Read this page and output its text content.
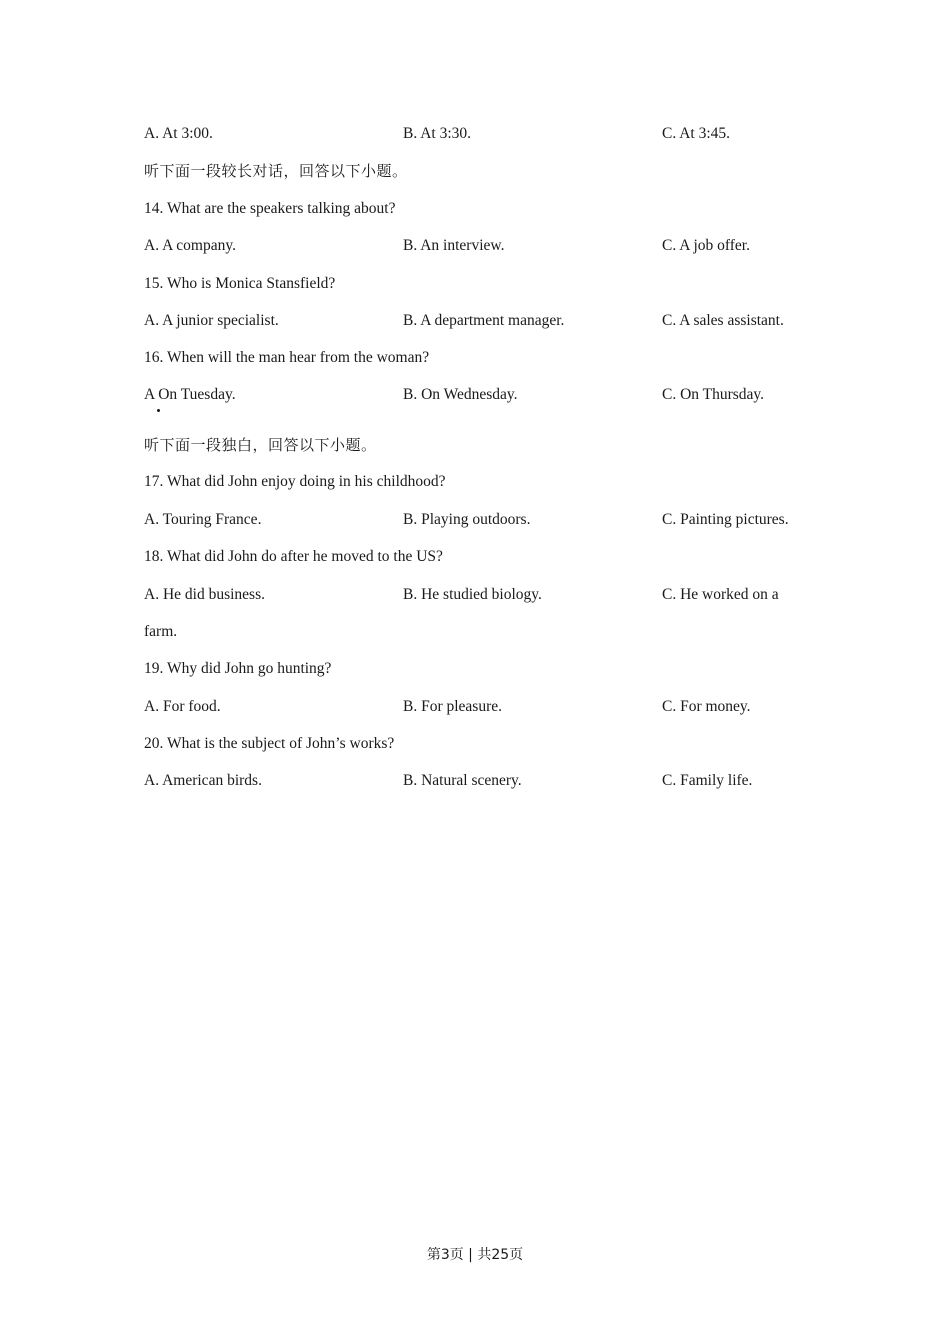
A. At 3:00.	B. At 3:30.	C. At 3:45.
听下面一段较长对话，回答以下小题。
14. What are the speakers talking about?
A. A company.	B. An interview.	C. A job offer.
15. Who is Monica Stansfield?
A. A junior specialist.	B. A department manager.	C. A sales assistant.
16. When will the man hear from the woman?
A On Tuesday.	B. On Wednesday.	C. On Thursday.
听下面一段独白，回答以下小题。
17. What did John enjoy doing in his childhood?
A. Touring France.	B. Playing outdoors.	C. Painting pictures.
18. What did John do after he moved to the US?
A. He did business.	B. He studied biology.	C. He worked on a
farm.
19. Why did John go hunting?
A. For food.	B. For pleasure.	C. For money.
20. What is the subject of John’s works?
A. American birds.	B. Natural scenery.	C. Family life.
第3页 | 共25页
